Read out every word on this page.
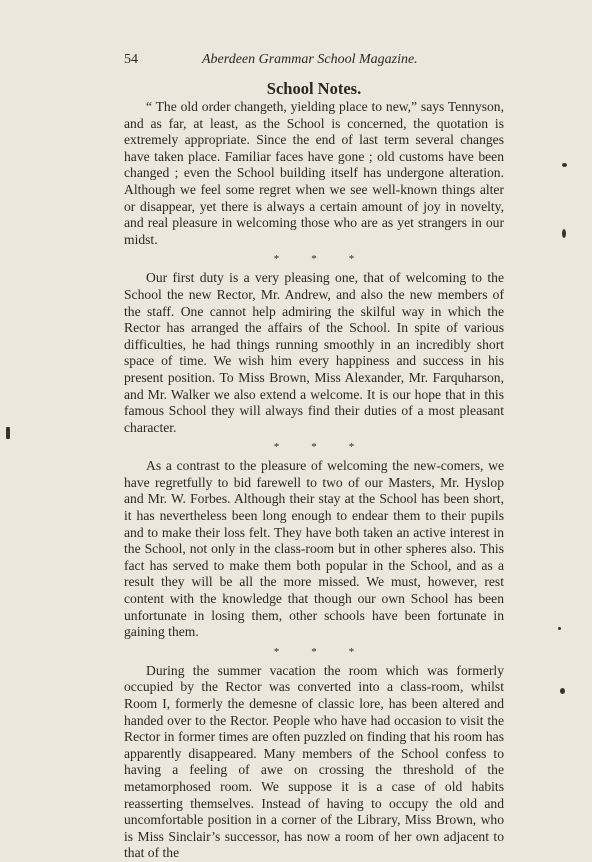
54	Aberdeen Grammar School Magazine.
School Notes.

“ The old order changeth, yielding place to new,” says Tennyson, and as far, at least, as the School is concerned, the quotation is extremely appropriate. Since the end of last term several changes have taken place. Familiar faces have gone ; old customs have been changed ; even the School building itself has undergone alteration. Although we feel some regret when we see well-known things alter or disappear, yet there is always a certain amount of joy in novelty, and real pleasure in welcoming those who are as yet strangers in our midst.

*	*	*

Our first duty is a very pleasing one, that of welcoming to the School the new Rector, Mr. Andrew, and also the new members of the staff. One cannot help admiring the skilful way in which the Rector has arranged the affairs of the School. In spite of various difficulties, he had things running smoothly in an incredibly short space of time. We wish him every happiness and success in his present position. To Miss Brown, Miss Alexander, Mr. Farquharson, and Mr. Walker we also extend a welcome. It is our hope that in this famous School they will always find their duties of a most pleasant character.

*	*	*

As a contrast to the pleasure of welcoming the new-comers, we have regretfully to bid farewell to two of our Masters, Mr. Hyslop and Mr. W. Forbes. Although their stay at the School has been short, it has nevertheless been long enough to endear them to their pupils and to make their loss felt. They have both taken an active interest in the School, not only in the class-room but in other spheres also. This fact has served to make them both popular in the School, and as a result they will be all the more missed. We must, however, rest content with the knowledge that though our own School has been unfortunate in losing them, other schools have been fortunate in gaining them.

*	*	*

During the summer vacation the room which was formerly occupied by the Rector was converted into a class-room, whilst Room I, formerly the demesne of classic lore, has been altered and handed over to the Rector. People who have had occasion to visit the Rector in former times are often puzzled on finding that his room has apparently disappeared. Many members of the School confess to having a feeling of awe on crossing the threshold of the metamorphosed room. We suppose it is a case of old habits reasserting themselves. Instead of having to occupy the old and uncomfortable position in a corner of the Library, Miss Brown, who is Miss Sinclair’s successor, has now a room of her own adjacent to that of the
